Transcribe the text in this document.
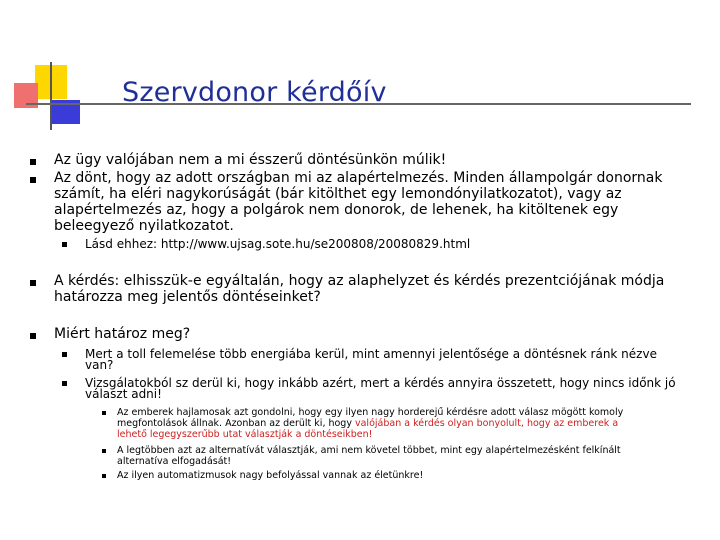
Szervdonor kérdőív
Az ügy valójában nem a mi ésszerű döntésünkön múlik!
Az dönt, hogy az adott országban mi az alapértelmezés. Minden állampolgár donornak
számít, ha eléri nagykorúságát (bár kitölthet egy lemondónyilatkozatot), vagy az
alapértelmezés az, hogy a polgárok nem donorok, de lehenek, ha kitöltenek egy
beleegyező nyilatkozatot.
Lásd ehhez: http://www.ujsag.sote.hu/se200808/20080829.html
A kérdés: elhisszük-e egyáltalán, hogy az alaphelyzet és kérdés prezentciójának módja
határozza meg jelentős döntéseinket?
Miért határoz meg?
Mert a toll felemelése több energiába kerül, mint amennyi jelentősége a döntésnek ránk nézve
van?
Vizsgálatokból sz derül ki, hogy inkább azért, mert a kérdés annyira összetett, hogy nincs időnk jó
választ adni!
Az emberek hajlamosak azt gondolni, hogy egy ilyen nagy horderejű kérdésre adott válasz mögött komoly
megfontolások állnak. Azonban az derült ki, hogy valójában a kérdés olyan bonyolult, hogy az emberek a
lehető legegyszerűbb utat választják a döntéseikben!
A legtöbben azt az alternatívát választják, ami nem követel többet, mint egy alapértelmezésként felkínált
alternatíva elfogadását!
Az ilyen automatizmusok nagy befolyással vannak az életünkre!
